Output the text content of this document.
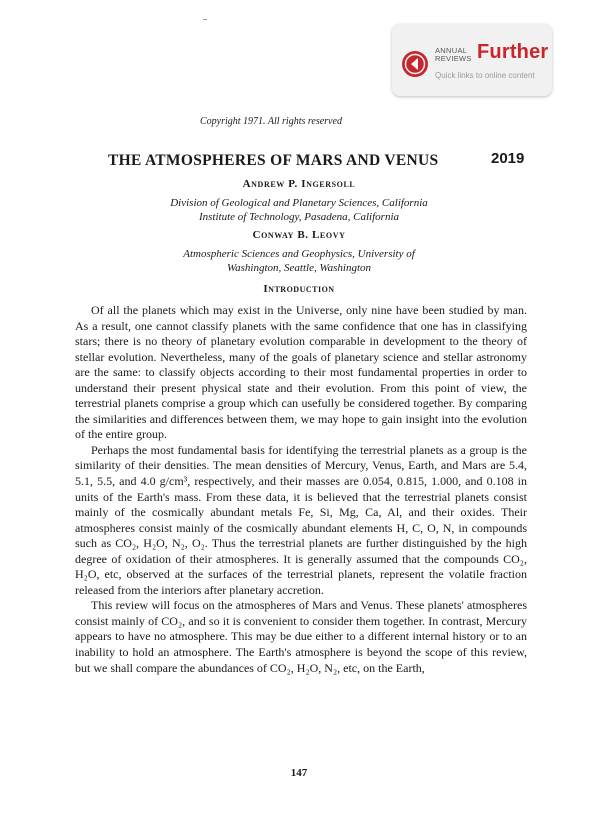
ANNUAL
REVIEWS Further
Quick links to online content
Copyright 1971. All rights reserved
THE ATMOSPHERES OF MARS AND VENUS	2019
Andrew P. Ingersoll
Division of Geological and Planetary Sciences, California
Institute of Technology, Pasadena, California
Conway B. Leovy
Atmospheric Sciences and Geophysics, University of
Washington, Seattle, Washington
Introduction

Of all the planets which may exist in the Universe, only nine have been studied by man. As a result, one cannot classify planets with the same confidence that one has in classifying stars; there is no theory of planetary evolution comparable in development to the theory of stellar evolution. Nevertheless, many of the goals of planetary science and stellar astronomy are the same: to classify objects according to their most fundamental properties in order to understand their present physical state and their evolution. From this point of view, the terrestrial planets comprise a group which can usefully be considered together. By comparing the similarities and differences between them, we may hope to gain insight into the evolution of the entire group.

Perhaps the most fundamental basis for identifying the terrestrial planets as a group is the similarity of their densities. The mean densities of Mercury, Venus, Earth, and Mars are 5.4, 5.1, 5.5, and 4.0 g/cm³, respectively, and their masses are 0.054, 0.815, 1.000, and 0.108 in units of the Earth's mass. From these data, it is believed that the terrestrial planets consist mainly of the cosmically abundant metals Fe, Si, Mg, Ca, Al, and their oxides. Their atmospheres consist mainly of the cosmically abundant elements H, C, O, N, in compounds such as CO₂, H₂O, N₂, O₂. Thus the terrestrial planets are further distinguished by the high degree of oxidation of their atmospheres. It is generally assumed that the compounds CO₂, H₂O, etc, observed at the surfaces of the terrestrial planets, represent the volatile fraction released from the interiors after planetary accretion.

This review will focus on the atmospheres of Mars and Venus. These planets' atmospheres consist mainly of CO₂, and so it is convenient to consider them together. In contrast, Mercury appears to have no atmosphere. This may be due either to a different internal history or to an inability to hold an atmosphere. The Earth's atmosphere is beyond the scope of this review, but we shall compare the abundances of CO₂, H₂O, N₂, etc, on the Earth,

147
